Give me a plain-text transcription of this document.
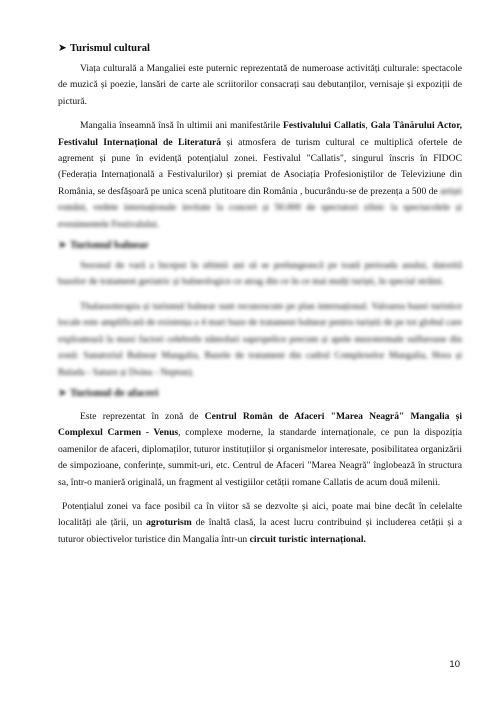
➤ Turismul cultural

Viața culturală a Mangaliei este puternic reprezentată de numeroase activități culturale: spectacole de muzică și poezie, lansări de carte ale scriitorilor consacrați sau debutanților, vernisaje și expoziții de pictură.

Mangalia înseamnă însă în ultimii ani manifestările Festivalului Callatis, Gala Tânărului Actor, Festivalul Internațional de Literatură și atmosfera de turism cultural ce multiplică ofertele de agrement și pune în evidență potențialul zonei. Festivalul "Callatis", singurul înscris în FIDOC (Federația Internațională a Festivalurilor) și premiat de Asociația Profesioniștilor de Televiziune din România, se desfășoară pe unica scenă plutitoare din România , bucurându-se de prezența a 500 de artiști români, vedete internaționale invitate la concert și 50.000 de spectatori zilnic la spectacolele și evenimentele Festivalului.

➤ Turismul balnear

Sezonul de vară a început în ultimii ani să se prelungească pe toată perioada anului, datorită bazelor de tratament geriatric și balneologice ce atrag din ce în ce mai mulți turiști, în special străini.

Thalassoterapia și turismul balnear sunt recunoscute pe plan internațional. Valoarea bazei turistice locale este amplificată de existența a 4 mari baze de tratament balnear pentru turiștii de pe tot globul care exploatează la maxi factori celebrele nămoluri sapropelice precum și apele mezotermale sulfuroase din zonă: Sanatoriul Balnear Mangalia, Bazele de tratament din cadrul Complexelor Mangalia, Hora și Balada - Saturn și Doina - Neptun).

➤ Turismul de afaceri

Este reprezentat în zonă de Centrul Român de Afaceri "Marea Neagră" Mangalia și Complexul Carmen - Venus, complexe moderne, la standarde internaționale, ce pun la dispoziția oamenilor de afaceri, diplomaților, tuturor instituțiilor și organismelor interesate, posibilitatea organizării de simpozioane, conferințe, summit-uri, etc. Centrul de Afaceri "Marea Neagră" înglobează în structura sa, într-o manieră originală, un fragment al vestigiilor cetății romane Callatis de acum două milenii.

Potențialul zonei va face posibil ca în viitor să se dezvolte și aici, poate mai bine decât în celelalte localități ale țării, un agroturism de înaltă clasă, la acest lucru contribuind și includerea cetății și a tuturor obiectivelor turistice din Mangalia într-un circuit turistic internațional.

10
